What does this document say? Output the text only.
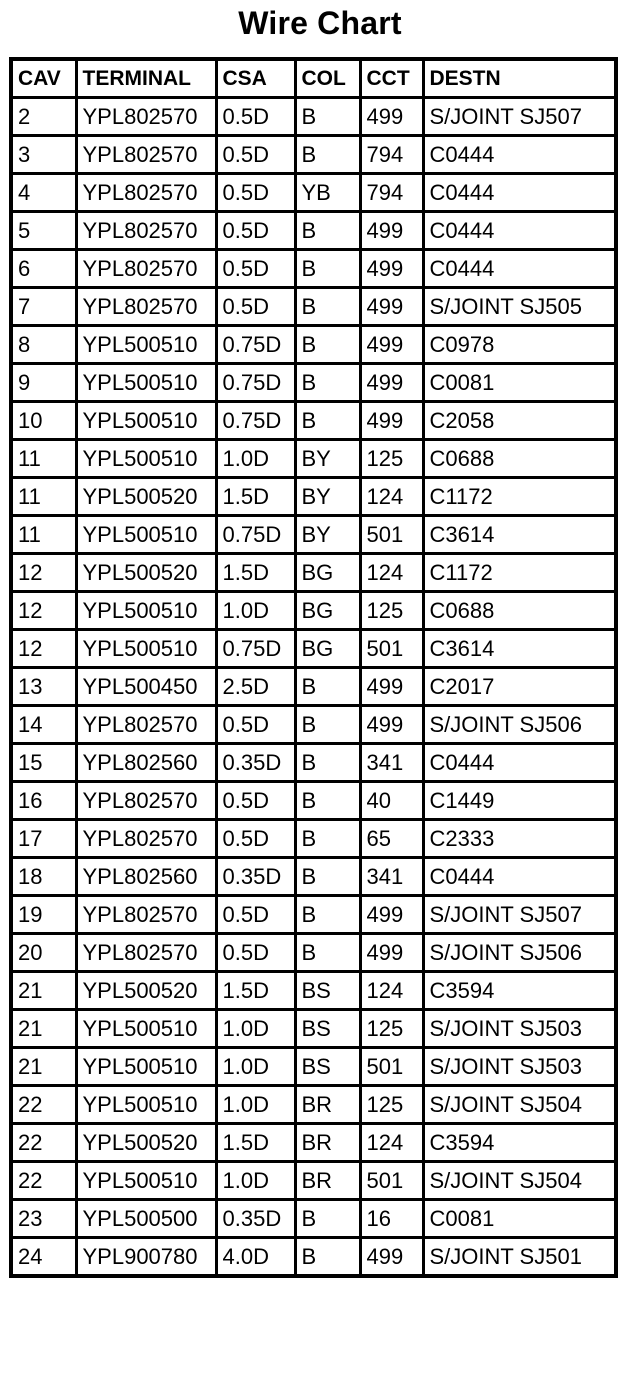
Wire Chart
CAV	TERMINAL	CSA	COL	CCT	DESTN
2	YPL802570	0.5D	B	499	S/JOINT SJ507
3	YPL802570	0.5D	B	794	C0444
4	YPL802570	0.5D	YB	794	C0444
5	YPL802570	0.5D	B	499	C0444
6	YPL802570	0.5D	B	499	C0444
7	YPL802570	0.5D	B	499	S/JOINT SJ505
8	YPL500510	0.75D	B	499	C0978
9	YPL500510	0.75D	B	499	C0081
10	YPL500510	0.75D	B	499	C2058
11	YPL500510	1.0D	BY	125	C0688
11	YPL500520	1.5D	BY	124	C1172
11	YPL500510	0.75D	BY	501	C3614
12	YPL500520	1.5D	BG	124	C1172
12	YPL500510	1.0D	BG	125	C0688
12	YPL500510	0.75D	BG	501	C3614
13	YPL500450	2.5D	B	499	C2017
14	YPL802570	0.5D	B	499	S/JOINT SJ506
15	YPL802560	0.35D	B	341	C0444
16	YPL802570	0.5D	B	40	C1449
17	YPL802570	0.5D	B	65	C2333
18	YPL802560	0.35D	B	341	C0444
19	YPL802570	0.5D	B	499	S/JOINT SJ507
20	YPL802570	0.5D	B	499	S/JOINT SJ506
21	YPL500520	1.5D	BS	124	C3594
21	YPL500510	1.0D	BS	125	S/JOINT SJ503
21	YPL500510	1.0D	BS	501	S/JOINT SJ503
22	YPL500510	1.0D	BR	125	S/JOINT SJ504
22	YPL500520	1.5D	BR	124	C3594
22	YPL500510	1.0D	BR	501	S/JOINT SJ504
23	YPL500500	0.35D	B	16	C0081
24	YPL900780	4.0D	B	499	S/JOINT SJ501
